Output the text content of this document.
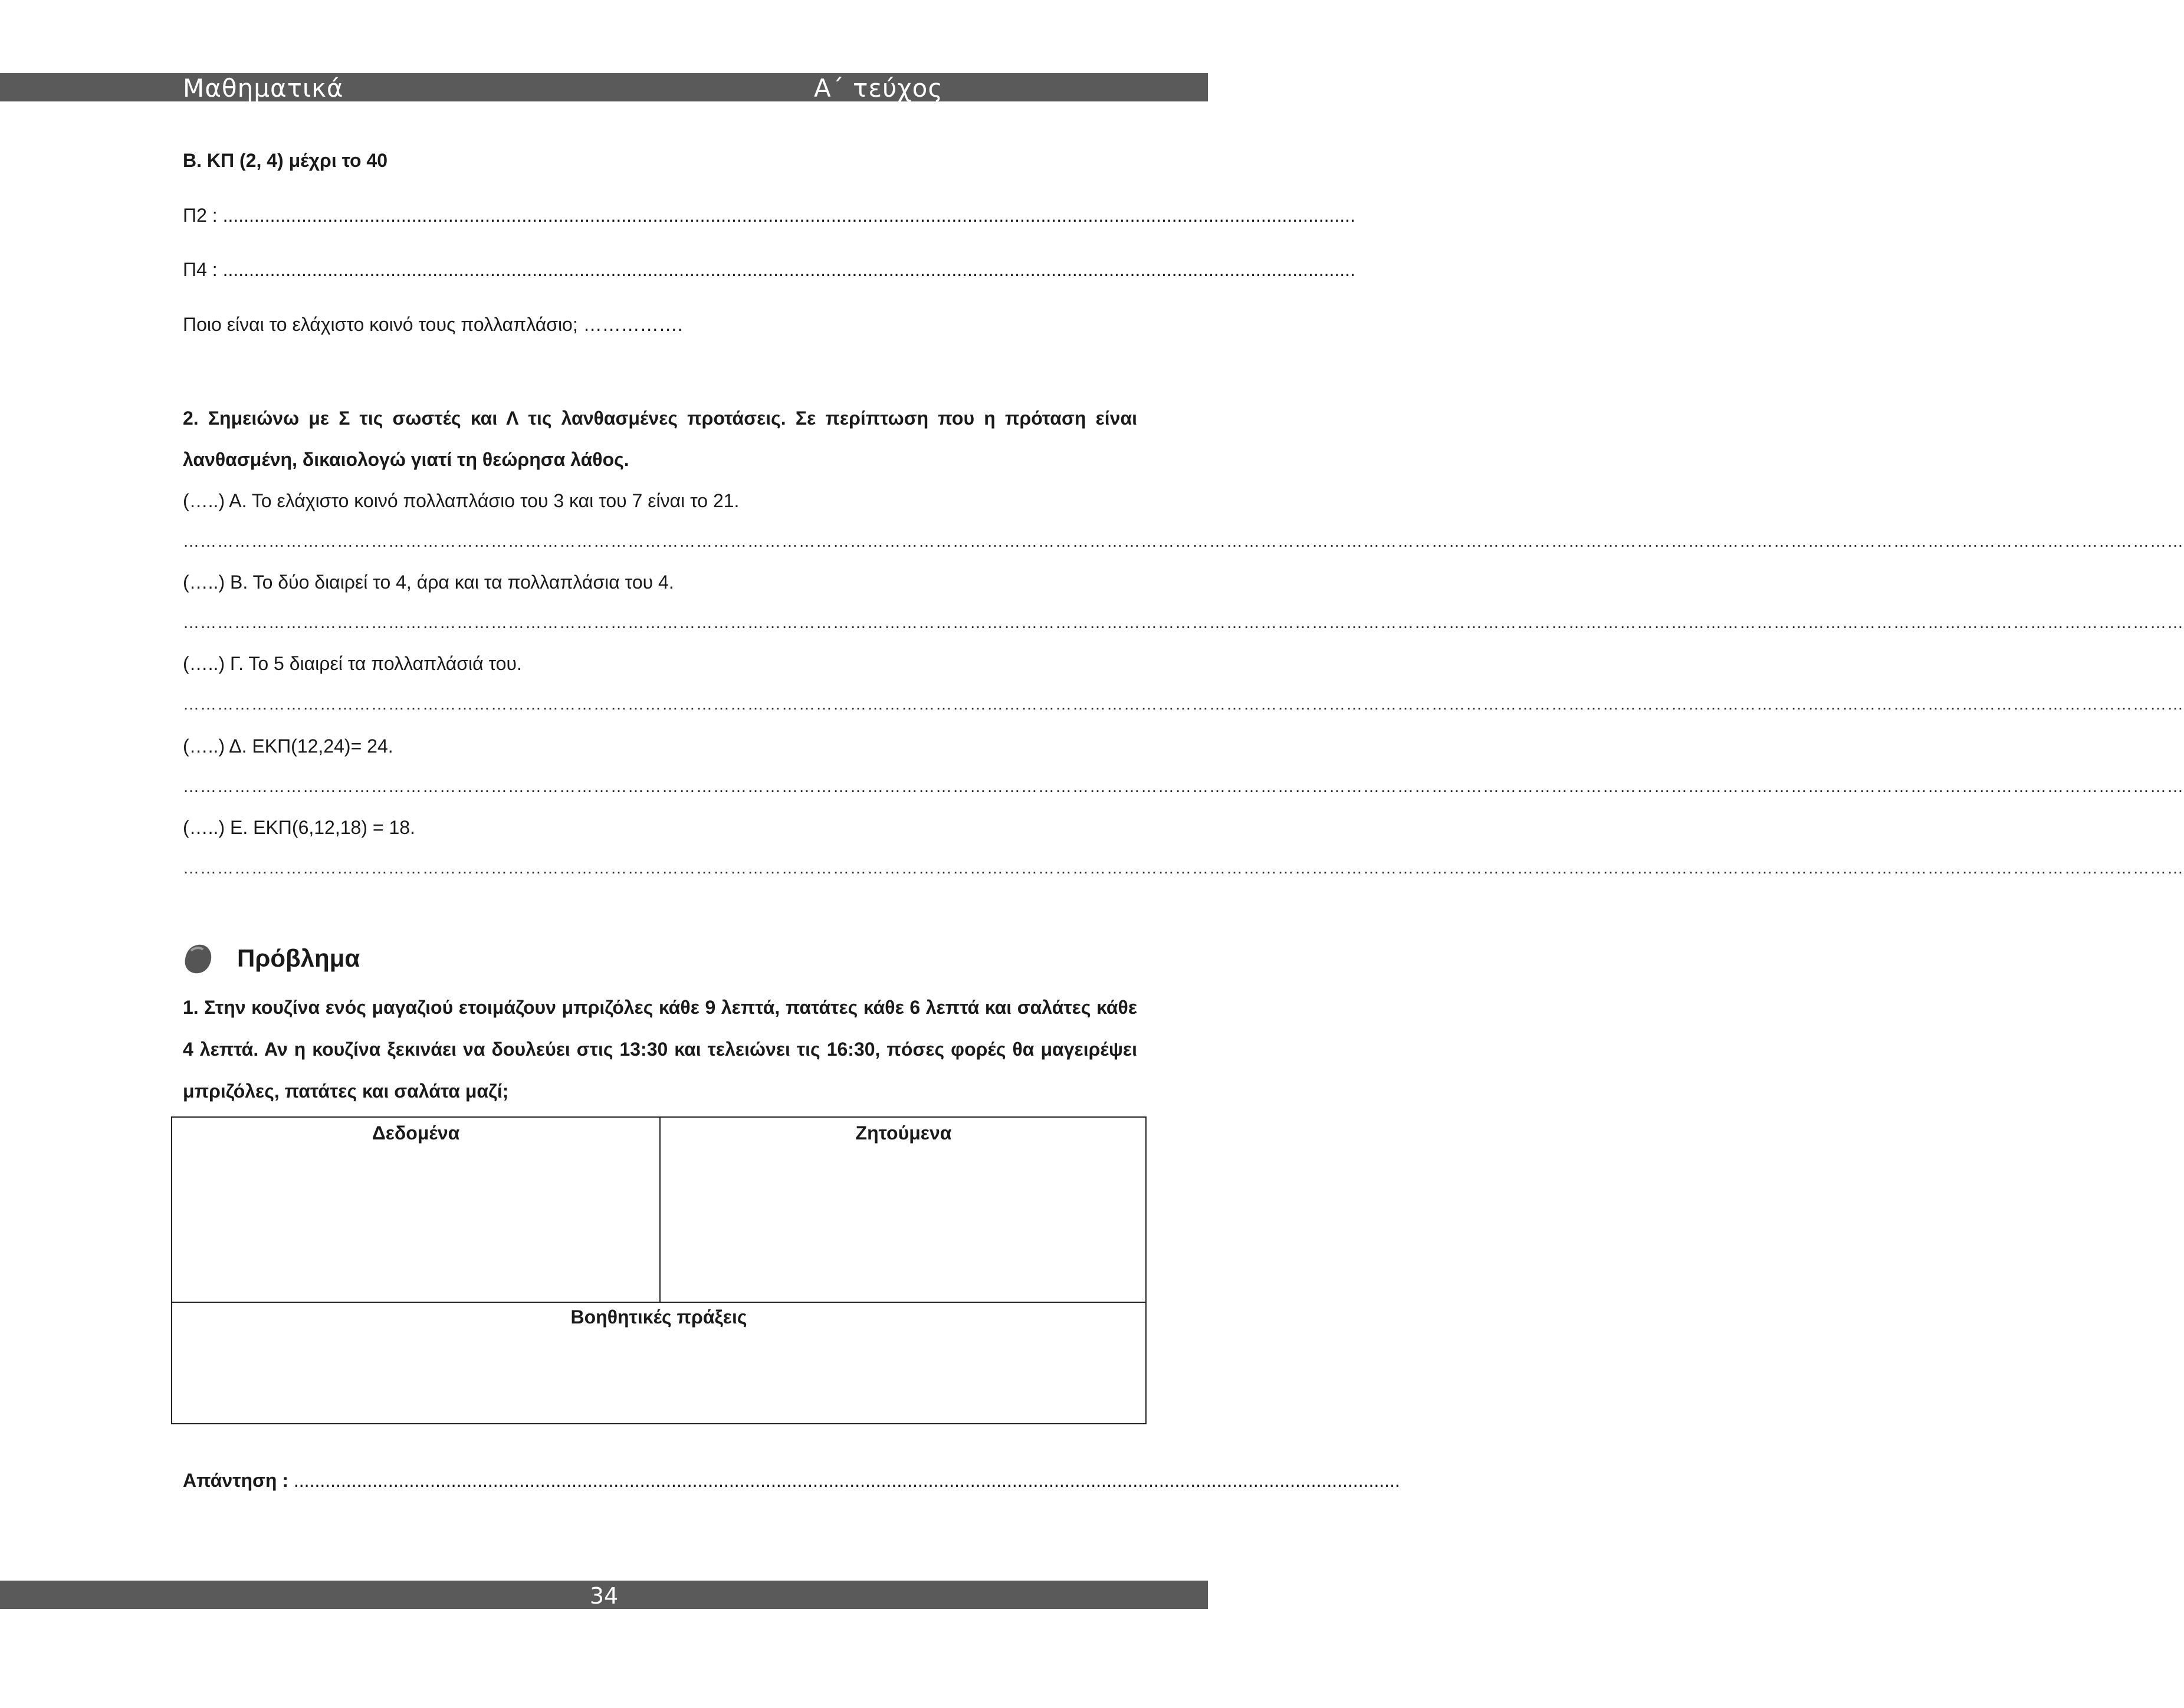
Μαθηματικά	Α΄ τεύχος
Β. ΚΠ (2, 4) μέχρι το 40
Π2 : ........................................................................................................................................................................................................................
Π4 : ........................................................................................................................................................................................................................
Ποιο είναι το ελάχιστο κοινό τους πολλαπλάσιο; …………….
2. Σημειώνω με Σ τις σωστές και Λ τις λανθασμένες προτάσεις. Σε περίπτωση που η πρόταση είναι λανθασμένη, δικαιολογώ γιατί τη θεώρησα λάθος.
(…..) Α. Το ελάχιστο κοινό πολλαπλάσιο του 3 και του 7 είναι το 21.
………………………………………………………………………………………………………………………………………………………………………………………………………………………………………………………………………………………………………………………
(…..) Β. Το δύο διαιρεί το 4, άρα και τα πολλαπλάσια του 4.
………………………………………………………………………………………………………………………………………………………………………………………………………………………………………………………………………………………………………………………
(…..) Γ. Το 5 διαιρεί τα πολλαπλάσιά του.
………………………………………………………………………………………………………………………………………………………………………………………………………………………………………………………………………………………………………………………
(…..) Δ. ΕΚΠ(12,24)= 24.
………………………………………………………………………………………………………………………………………………………………………………………………………………………………………………………………………………………………………………………
(…..) Ε. ΕΚΠ(6,12,18) = 18.
………………………………………………………………………………………………………………………………………………………………………………………………………………………………………………………………………………………………………………………
Πρόβλημα
1. Στην κουζίνα ενός μαγαζιού ετοιμάζουν μπριζόλες κάθε 9 λεπτά, πατάτες κάθε 6 λεπτά και σαλάτες κάθε 4 λεπτά. Αν η κουζίνα ξεκινάει να δουλεύει στις 13:30 και τελειώνει τις 16:30, πόσες φορές θα μαγειρέψει μπριζόλες, πατάτες και σαλάτα μαζί;
Απάντηση : ...................................................................................................................................................................................................................
Δεδομένα	Ζητούμενα
Βοηθητικές πράξεις
34
